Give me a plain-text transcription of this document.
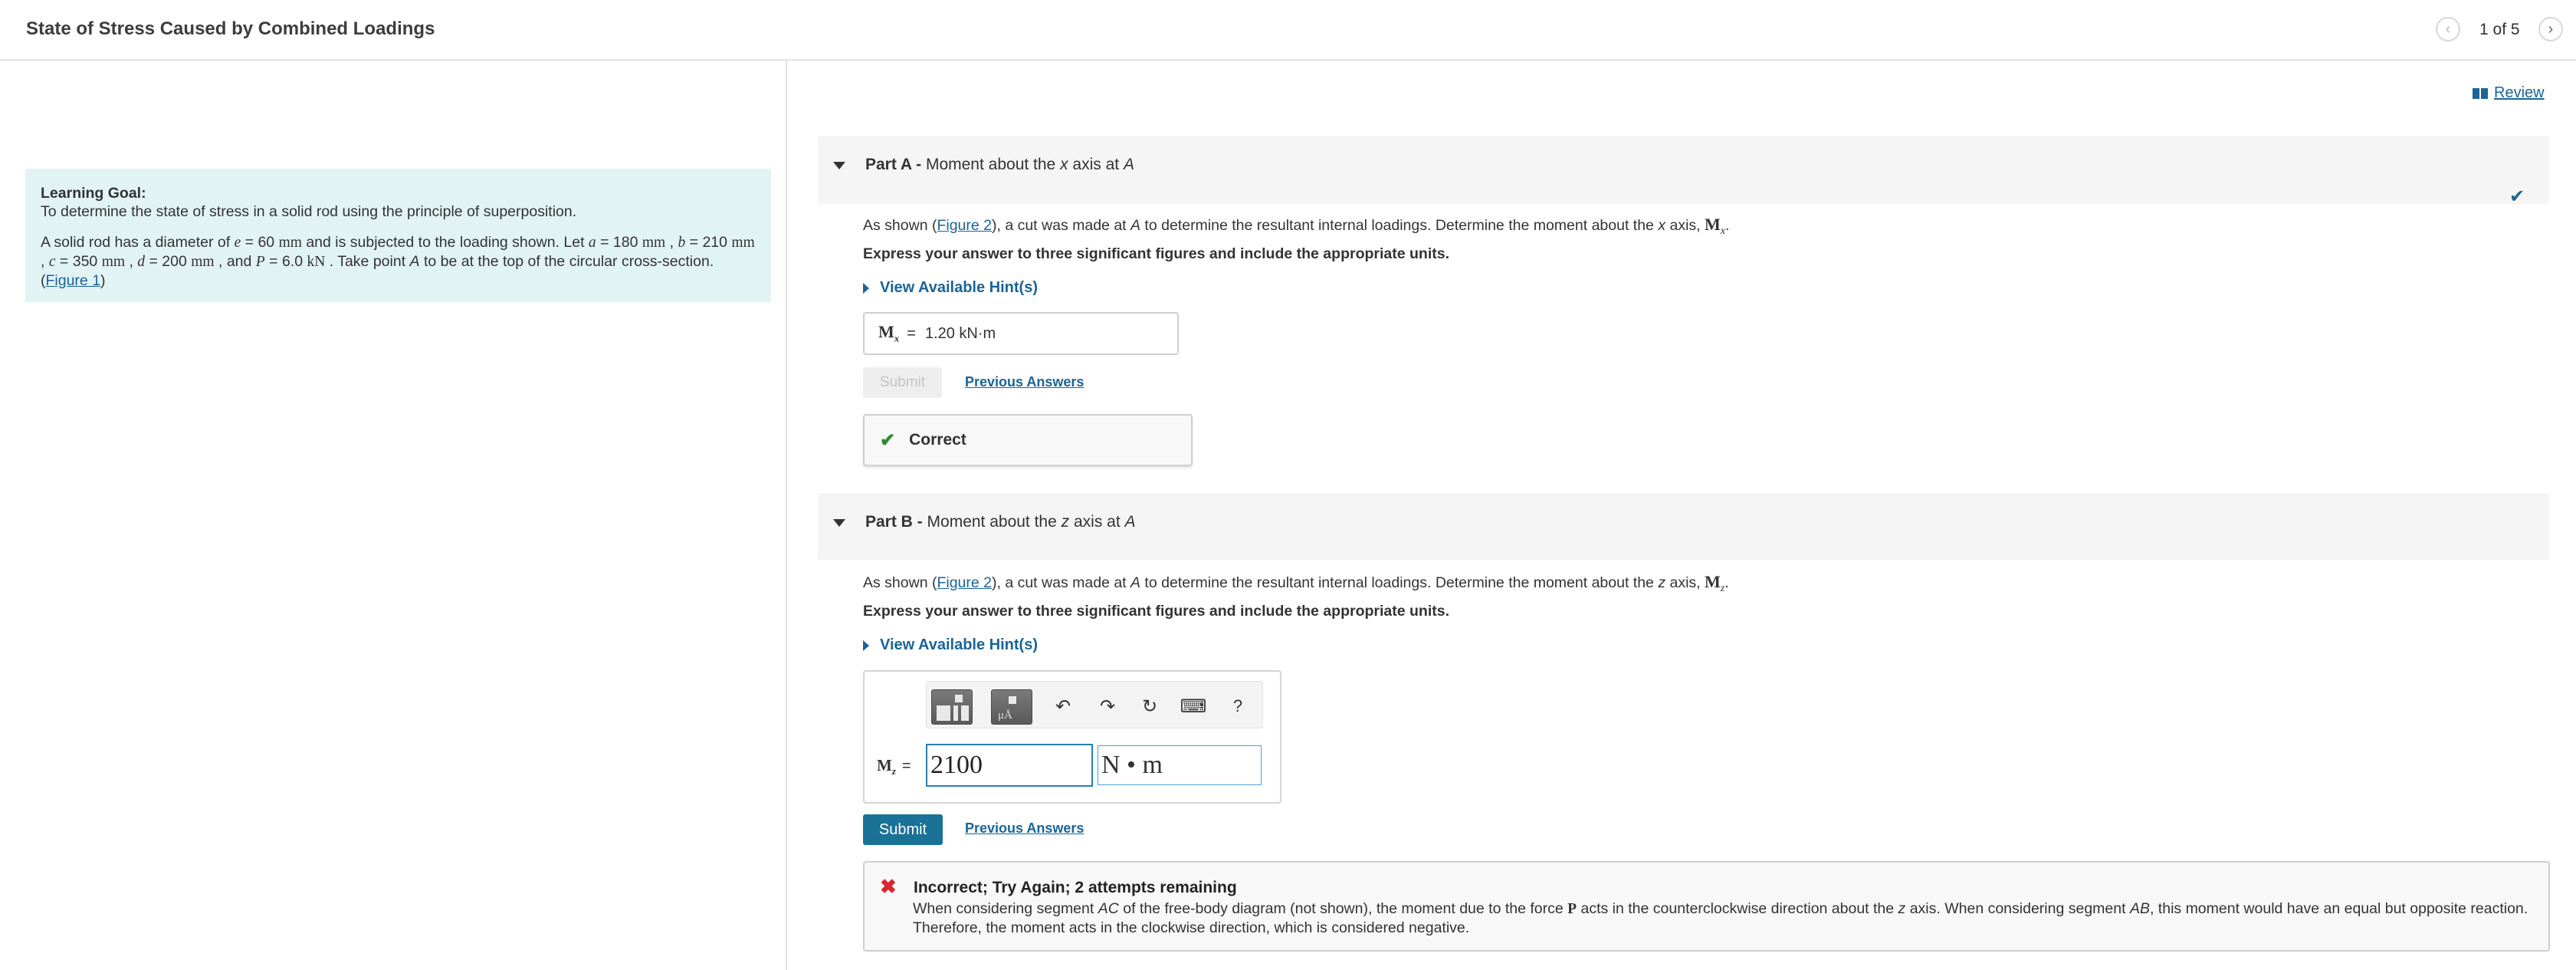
State of Stress Caused by Combined Loadings	‹ 1 of 5 ›

Learning Goal:
To determine the state of stress in a solid rod using the principle of superposition.

A solid rod has a diameter of e = 60 mm and is subjected to the loading shown. Let a = 180 mm , b = 210 mm , c = 350 mm , d = 200 mm , and P = 6.0 kN . Take point A to be at the top of the circular cross-section. (Figure 1)

Review
Part A - Moment about the x axis at A
✔
As shown (Figure 2), a cut was made at A to determine the resultant internal loadings. Determine the moment about the x axis, $M_x$.
Express your answer to three significant figures and include the appropriate units.
View Available Hint(s)
$M_x = 1.20$ kN·m
Submit	Previous Answers
✔ Correct
Part B - Moment about the z axis at A
As shown (Figure 2), a cut was made at A to determine the resultant internal loadings. Determine the moment about the z axis, $M_z$.
Express your answer to three significant figures and include the appropriate units.
View Available Hint(s)
μÅ	↶	↷	↻	⌨	?
$M_z = 2100$	N • m
Submit	Previous Answers
✖ Incorrect; Try Again; 2 attempts remaining
When considering segment AC of the free-body diagram (not shown), the moment due to the force P acts in the counterclockwise direction about the z axis. When considering segment AB, this moment would have an equal but opposite reaction. Therefore, the moment acts in the clockwise direction, which is considered negative.
